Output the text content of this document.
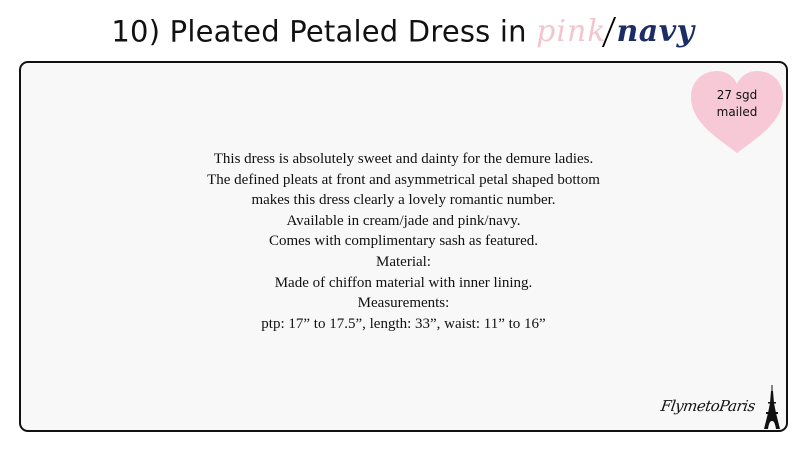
10) Pleated Petaled Dress in pink navy
27 sgd
mailed
This dress is absolutely sweet and dainty for the demure ladies.
The defined pleats at front and asymmetrical petal shaped bottom
makes this dress clearly a lovely romantic number.
Available in cream/jade and pink/navy.
Comes with complimentary sash as featured.
Material:
Made of chiffon material with inner lining.
Measurements:
ptp: 17” to 17.5”, length: 33”, waist: 11” to 16”
FlymetoParis
